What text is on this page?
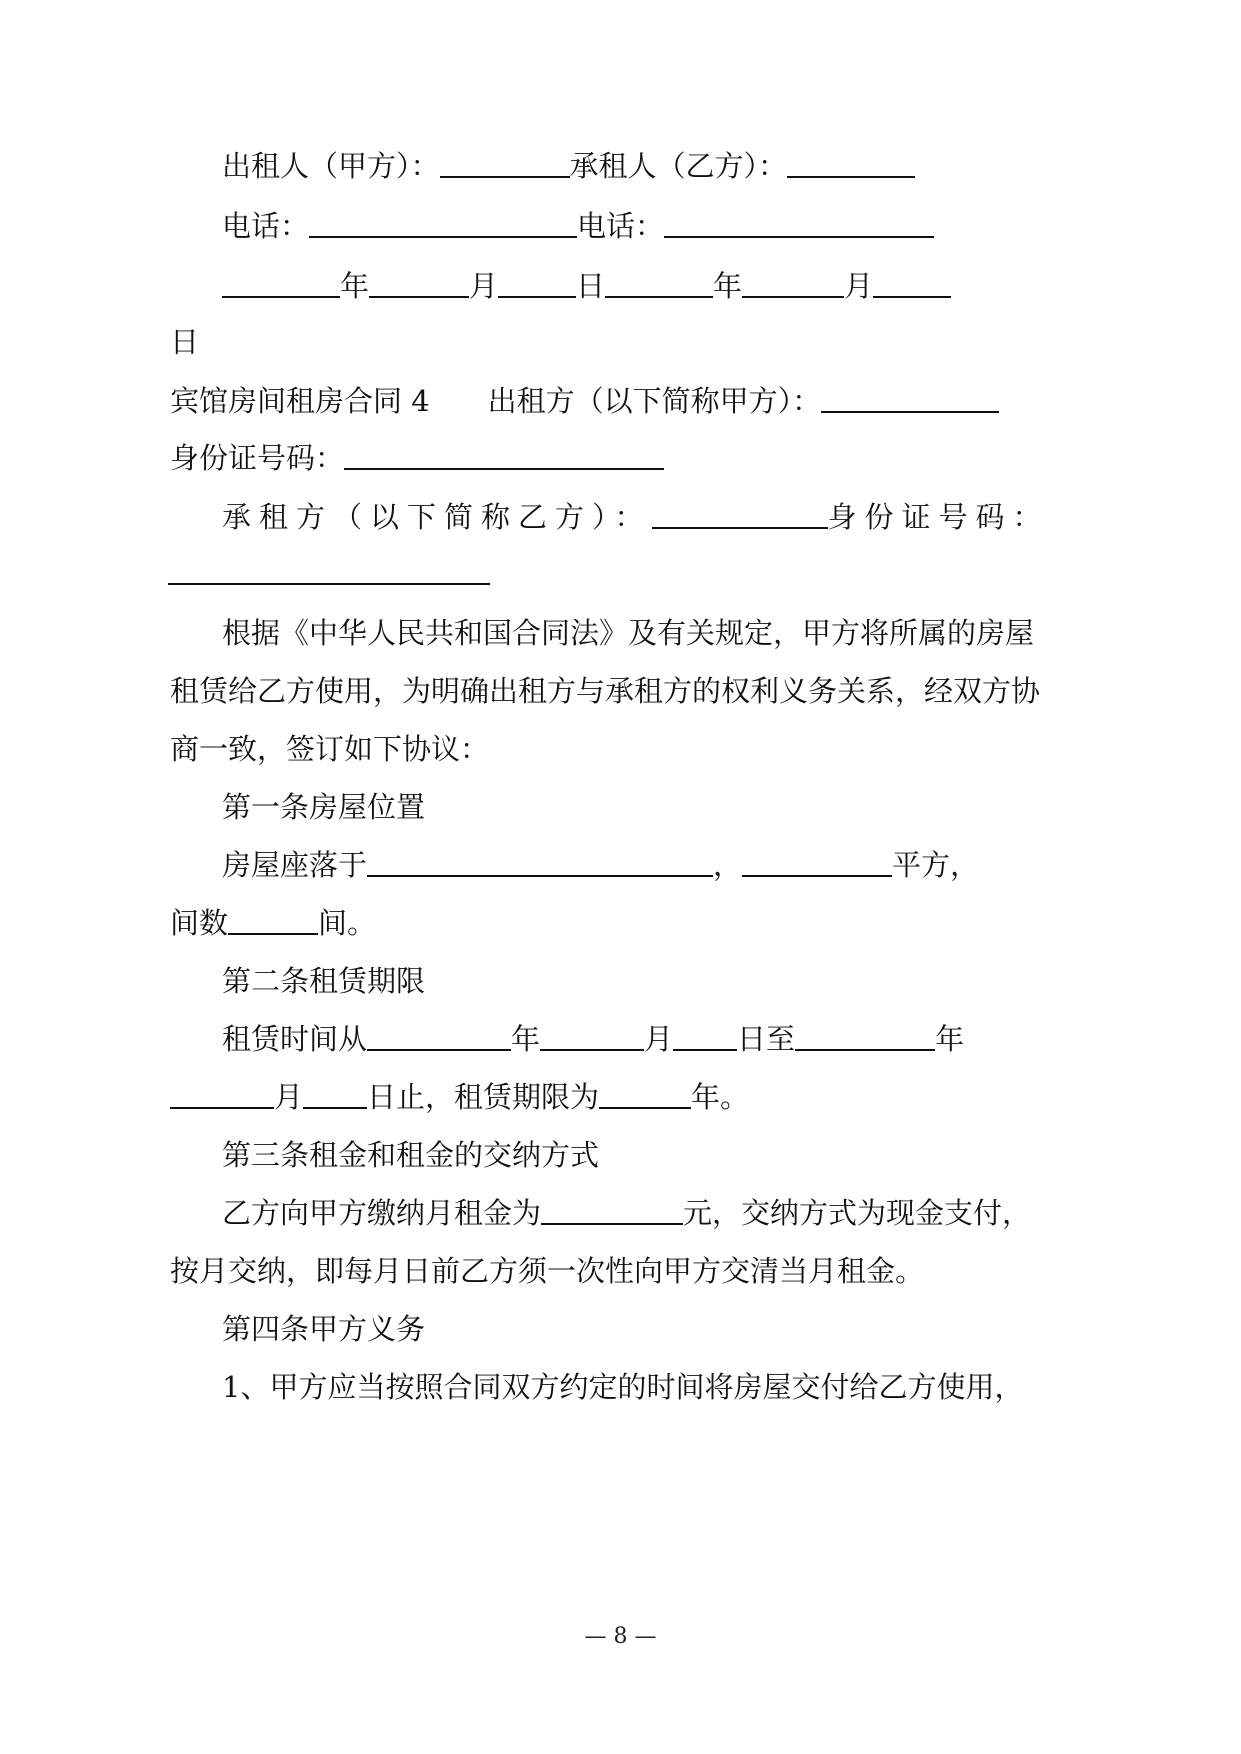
出租人（甲方）：	承租人（乙方）：
电话：	电话：
年	月	日	年	月
日
宾馆房间租房合同 4 出租方（以下简称甲方）：
身份证号码：
承租方（以下简称乙方）：	身份证号码：
根据《中华人民共和国合同法》及有关规定，甲方将所属的房屋
租赁给乙方使用，为明确出租方与承租方的权利义务关系，经双方协
商一致，签订如下协议：
第一条房屋位置
房屋座落于	，	平方，
间数	间。
第二条租赁期限
租赁时间从	年	月 日至	年
月 日止，租赁期限为	年。
第三条租金和租金的交纳方式
乙方向甲方缴纳月租金为	元，交纳方式为现金支付，
按月交纳，即每月日前乙方须一次性向甲方交清当月租金。
第四条甲方义务
1、甲方应当按照合同双方约定的时间将房屋交付给乙方使用，
— 8 —
